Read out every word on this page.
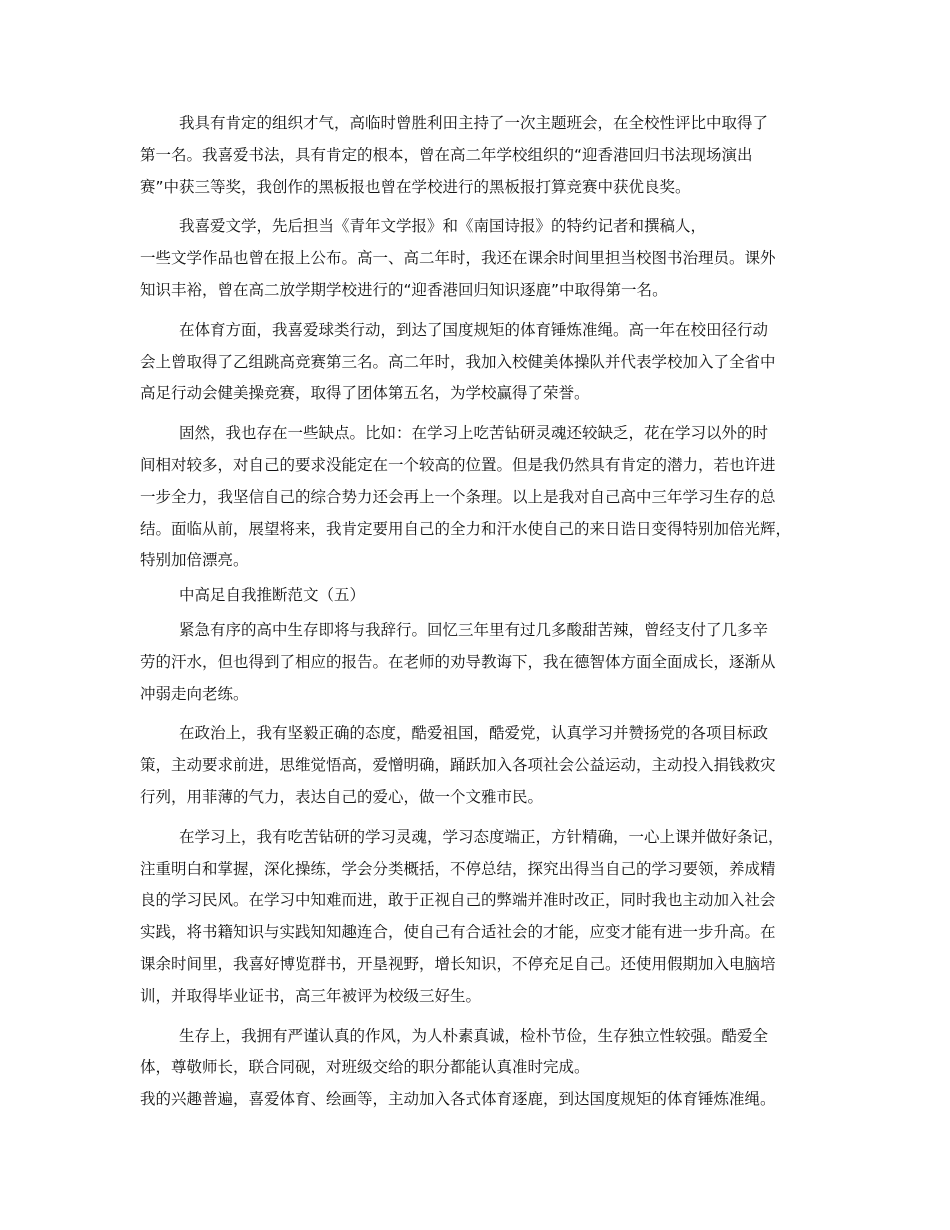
我具有肯定的组织才气，高临时曾胜利田主持了一次主题班会，在全校性评比中取得了
第一名。我喜爱书法，具有肯定的根本，曾在高二年学校组织的“迎香港回归书法现场演出
赛”中获三等奖，我创作的黑板报也曾在学校进行的黑板报打算竞赛中获优良奖。
我喜爱文学，先后担当《青年文学报》和《南国诗报》的特约记者和撰稿人，
一些文学作品也曾在报上公布。高一、高二年时，我还在课余时间里担当校图书治理员。课外
知识丰裕，曾在高二放学期学校进行的“迎香港回归知识逐鹿”中取得第一名。
在体育方面，我喜爱球类行动，到达了国度规矩的体育锤炼准绳。高一年在校田径行动
会上曾取得了乙组跳高竞赛第三名。高二年时，我加入校健美体操队并代表学校加入了全省中
高足行动会健美操竞赛，取得了团体第五名，为学校赢得了荣誉。
固然，我也存在一些缺点。比如：在学习上吃苦钻研灵魂还较缺乏，花在学习以外的时
间相对较多，对自己的要求没能定在一个较高的位置。但是我仍然具有肯定的潜力，若也许进
一步全力，我坚信自己的综合势力还会再上一个条理。以上是我对自己高中三年学习生存的总
结。面临从前，展望将来，我肯定要用自己的全力和汗水使自己的来日诰日变得特别加倍光辉，
特别加倍漂亮。
中高足自我推断范文（五）
紧急有序的高中生存即将与我辞行。回忆三年里有过几多酸甜苦辣，曾经支付了几多辛
劳的汗水，但也得到了相应的报告。在老师的劝导教诲下，我在德智体方面全面成长，逐渐从
冲弱走向老练。
在政治上，我有坚毅正确的态度，酷爱祖国，酷爱党，认真学习并赞扬党的各项目标政
策，主动要求前进，思维觉悟高，爱憎明确，踊跃加入各项社会公益运动，主动投入捐钱救灾
行列，用菲薄的气力，表达自己的爱心，做一个文雅市民。
在学习上，我有吃苦钻研的学习灵魂，学习态度端正，方针精确，一心上课并做好条记，
注重明白和掌握，深化操练，学会分类概括，不停总结，探究出得当自己的学习要领，养成精
良的学习民风。在学习中知难而进，敢于正视自己的弊端并准时改正，同时我也主动加入社会
实践，将书籍知识与实践知知趣连合，使自己有合适社会的才能，应变才能有进一步升高。在
课余时间里，我喜好博览群书，开垦视野，增长知识，不停充足自己。还使用假期加入电脑培
训，并取得毕业证书，高三年被评为校级三好生。
生存上，我拥有严谨认真的作风，为人朴素真诚，检朴节俭，生存独立性较强。酷爱全
体，尊敬师长，联合同砚，对班级交给的职分都能认真准时完成。
我的兴趣普遍，喜爱体育、绘画等，主动加入各式体育逐鹿，到达国度规矩的体育锤炼准绳。
